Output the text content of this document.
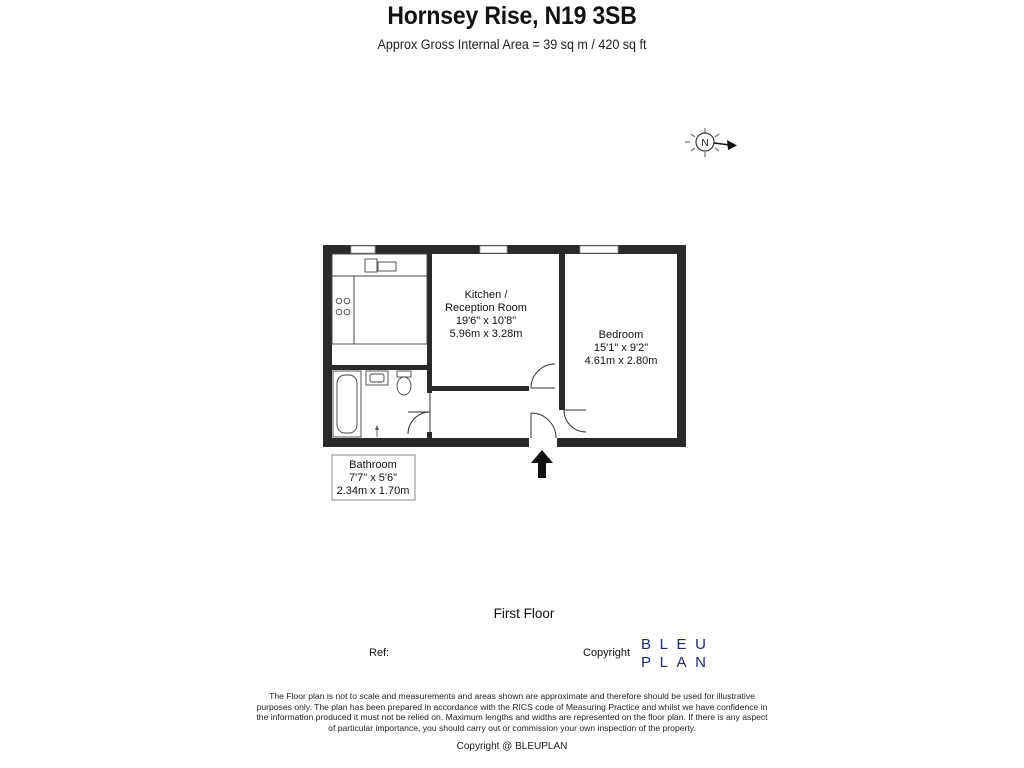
Hornsey Rise, N19 3SB
Approx Gross Internal Area = 39 sq m / 420 sq ft
N
Kitchen /
Reception Room
19'6" x 10'8"
5.96m x 3.28m	Bedroom
15'1" x 9'2"
4.61m x 2.80m
Bathroom
7'7" x 5'6"
2.34m x 1.70m
First Floor
Ref:	Copyright BLEU
PLAN
The Floor plan is not to scale and measurements and areas shown are approximate and therefore should be used for illustrative
purposes only. The plan has been prepared in accordance with the RICS code of Measuring Practice and whilst we have confidence in
the information produced it must not be relied on. Maximum lengths and widths are represented on the floor plan. If there is any aspect
of particular importance, you should carry out or commission your own inspection of the property.
Copyright @ BLEUPLAN
